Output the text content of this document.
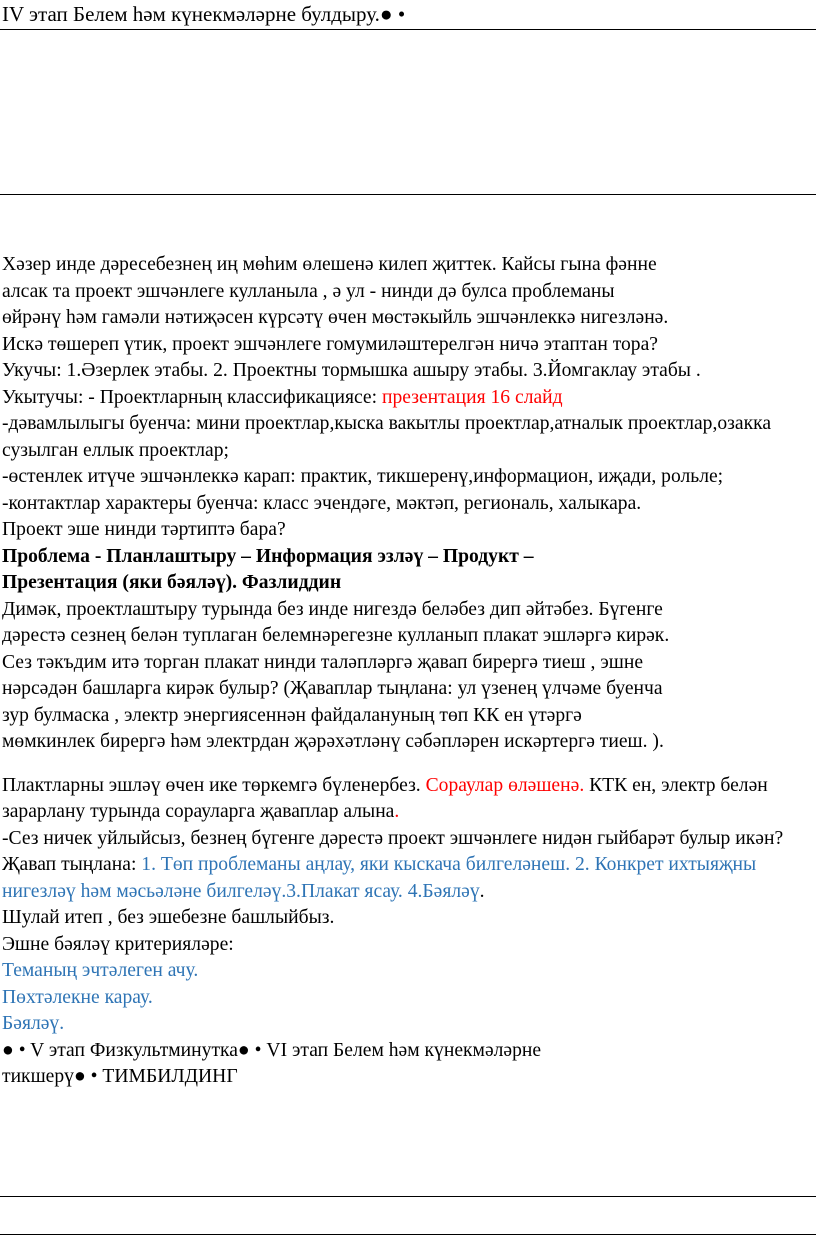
IV этап Белем һәм күнекмәләрне булдыру.● •

Хәзер инде дәресебезнең иң мөһим өлешенә килеп җиттек. Кайсы гына фәнне

алсак та проект эшчәнлеге кулланыла , ә ул - нинди дә булса проблеманы

өйрәнү һәм гамәли нәтиҗәсен күрсәтү өчен мөстәкыйль эшчәнлеккә нигезләнә.

Искә төшереп үтик, проект эшчәнлеге гомумиләштерелгән ничә этаптан тора?

Укучы: 1.Әзерлек этабы. 2. Проектны тормышка ашыру этабы. 3.Йомгаклау этабы .

Укытучы: - Проектларның классификациясе: презентация 16 слайд

-дәвамлылыгы буенча: мини проектлар,кыска вакытлы проектлар,атналык проектлар,озакка сузылган еллык проектлар;

-өстенлек итүче эшчәнлеккә карап: практик, тикшеренү,информацион, иҗади, рольле;

-контактлар характеры буенча: класс эчендәге, мәктәп, региональ, халыкара.

Проект эше нинди тәртиптә бара?

Проблема - Планлаштыру – Информация эзләү – Продукт –

Презентация (яки бәяләү). Фазлиддин

Димәк, проектлаштыру турында без инде нигездә беләбез дип әйтәбез. Бүгенге

дәрестә сезнең белән туплаган белемнәрегезне кулланып плакат эшләргә кирәк.

Сез тәкъдим итә торган плакат нинди таләпләргә җавап бирергә тиеш , эшне

нәрсәдән башларга кирәк булыр? (Җаваплар тыңлана: ул үзенең үлчәме буенча

зур булмаска , электр энергиясеннән файдалануның төп КК ен үтәргә

мөмкинлек бирергә һәм электрдан җәрәхәтләнү сәбәпләрен искәртергә тиеш. ).

Плактларны эшләү өчен ике төркемгә бүленербез. Сораулар өләшенә. КТК ен, электр белән зарарлану турында сорауларга җаваплар алына.

-Сез ничек уйлыйсыз, безнең бүгенге дәрестә проект эшчәнлеге нидән гыйбарәт булыр икән? Җавап тыңлана: 1. Төп проблеманы аңлау, яки кыскача билгеләнеш. 2. Конкрет ихтыяҗны нигезләү һәм мәсьәләне билгеләү.3.Плакат ясау. 4.Бәяләү.

Шулай итеп , без эшебезне башлыйбыз.

Эшне бәяләү критерияләре:

Теманың эчтәлеген ачу.

Пөхтәлекне карау.

Бәяләү.

● • V этап Физкультминутка● • VI этап Белем һәм күнекмәләрне

тикшерү● • ТИМБИЛДИНГ
